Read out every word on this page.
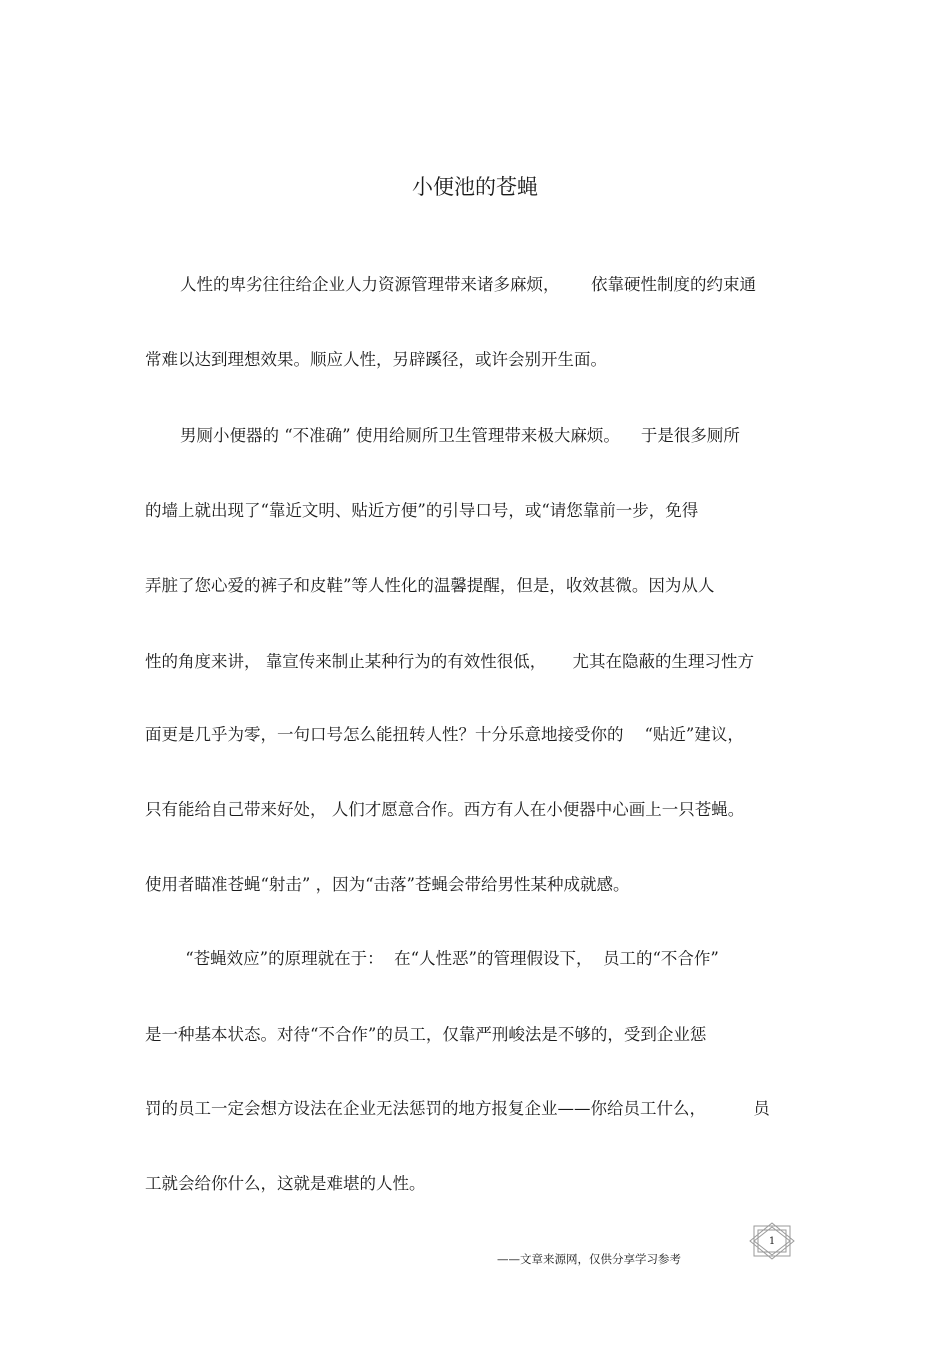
小便池的苍蝇
人性的卑劣往往给企业人力资源管理带来诸多麻烦，      依靠硬性制度的约束通
常难以达到理想效果。顺应人性，另辟蹊径，或许会别开生面。
男厕小便器的 “不准确” 使用给厕所卫生管理带来极大麻烦。    于是很多厕所
的墙上就出现了“靠近文明、贴近方便”的引导口号，或“请您靠前一步，免得
弄脏了您心爱的裤子和皮鞋”等人性化的温馨提醒，但是，收效甚微。因为从人
性的角度来讲， 靠宣传来制止某种行为的有效性很低，     尤其在隐蔽的生理习性方
面更是几乎为零，一句口号怎么能扭转人性？十分乐意地接受你的    “贴近”建议，
只有能给自己带来好处， 人们才愿意合作。西方有人在小便器中心画上一只苍蝇。
使用者瞄准苍蝇“射击” ，因为“击落”苍蝇会带给男性某种成就感。
“苍蝇效应”的原理就在于：  在“人性恶”的管理假设下，  员工的“不合作”
是一种基本状态。对待“不合作”的员工，仅靠严刑峻法是不够的，受到企业惩
罚的员工一定会想方设法在企业无法惩罚的地方报复企业——你给员工什么，         员
工就会给你什么，这就是难堪的人性。
1
——文章来源网，仅供分享学习参考
